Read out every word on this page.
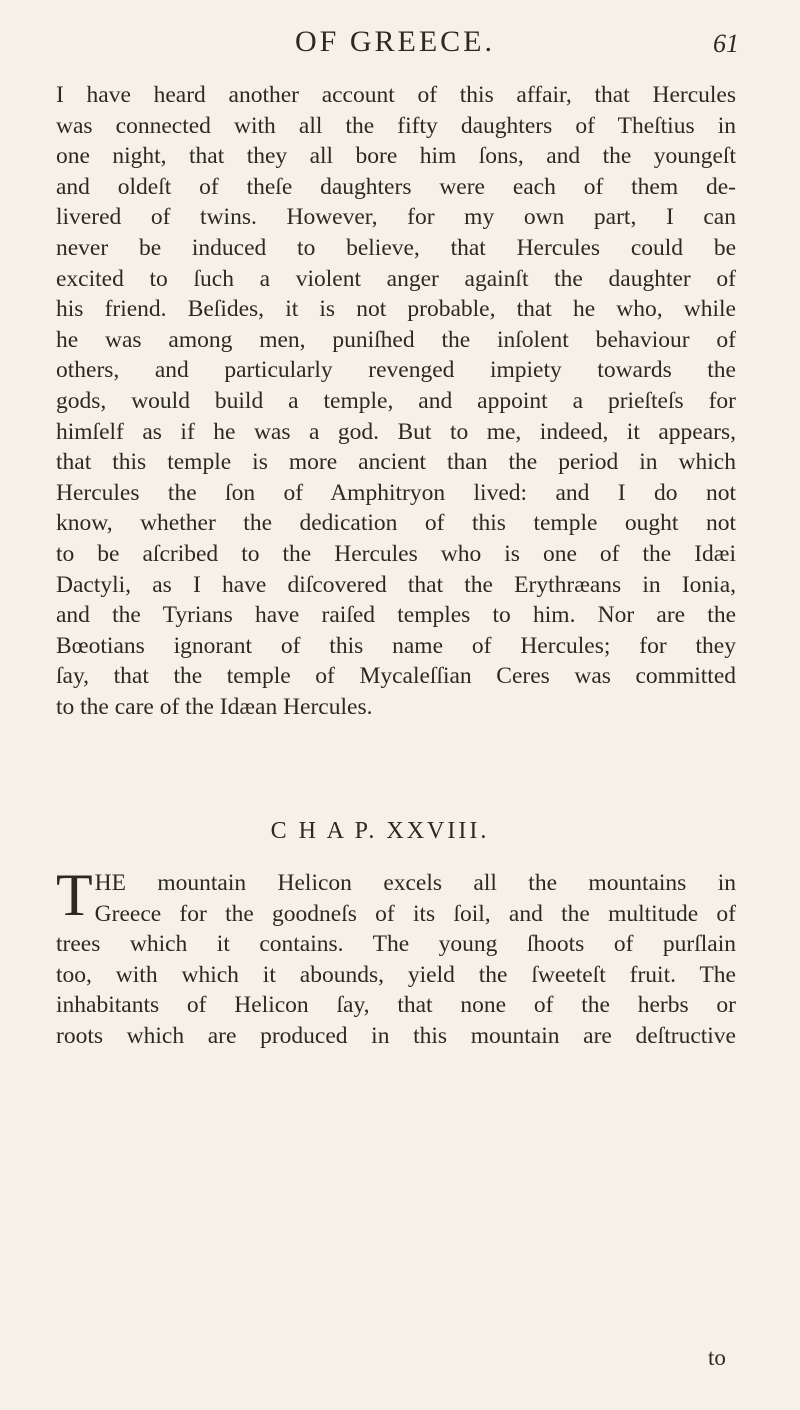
OF GREECE.	61
I have heard another account of this affair, that Hercules
was connected with all the fifty daughters of Theſtius in
one night, that they all bore him ſons, and the youngeſt
and oldeſt of theſe daughters were each of them de-
livered of twins. However, for my own part, I can
never be induced to believe, that Hercules could be
excited to ſuch a violent anger againſt the daughter of
his friend. Beſides, it is not probable, that he who, while
he was among men, puniſhed the inſolent behaviour of
others, and particularly revenged impiety towards the
gods, would build a temple, and appoint a prieſteſs for
himſelf as if he was a god. But to me, indeed, it appears,
that this temple is more ancient than the period in which
Hercules the ſon of Amphitryon lived: and I do not
know, whether the dedication of this temple ought not
to be aſcribed to the Hercules who is one of the Idæi
Dactyli, as I have diſcovered that the Erythræans in Ionia,
and the Tyrians have raiſed temples to him. Nor are the
Bœotians ignorant of this name of Hercules; for they
ſay, that the temple of Mycaleſſian Ceres was committed
to the care of the Idæan Hercules.
C H A P. XXVIII.
T HE mountain Helicon excels all the mountains in
Greece for the goodneſs of its ſoil, and the multitude of
trees which it contains. The young ſhoots of purſlain
too, with which it abounds, yield the ſweeteſt fruit. The
inhabitants of Helicon ſay, that none of the herbs or
roots which are produced in this mountain are deſtructive
to
